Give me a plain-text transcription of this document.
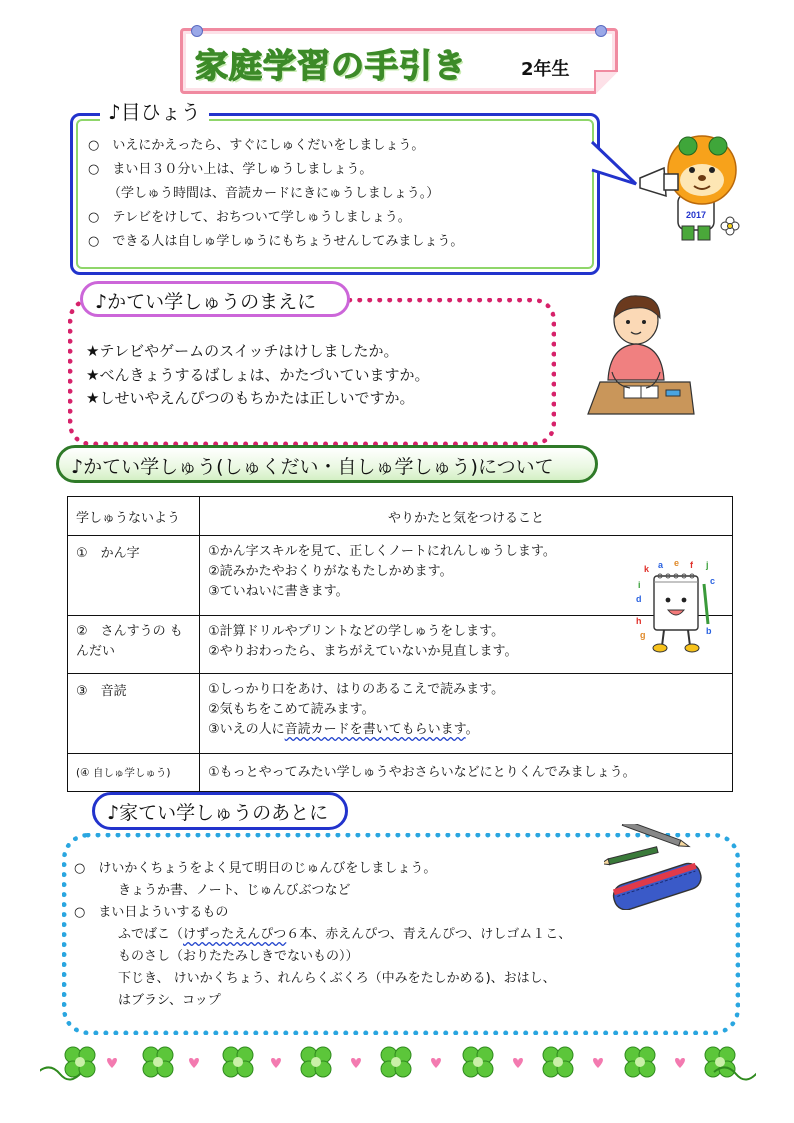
家庭学習の手引き	2年生
♪目ひょう
○　いえにかえったら、すぐにしゅくだいをしましょう。
○　まい日３０分い上は、学しゅうしましょう。
（学しゅう時間は、音読カードにきにゅうしましょう。）
○　テレビをけして、おちついて学しゅうしましょう。
○　できる人は自しゅ学しゅうにもちょうせんしてみましょう。
2017
♪かてい学しゅうのまえに
★テレビやゲームのスイッチはけしましたか。
★べんきょうするばしょは、かたづいていますか。
★しせいやえんぴつのもちかたは正しいですか。
♪かてい学しゅう(しゅくだい・自しゅ学しゅう)について
学しゅうないよう	やりかたと気をつけること
①　かん字	①かん字スキルを見て、正しくノートにれんしゅうします。
②読みかたやおくりがなもたしかめます。
③ていねいに書きます。

②　さんすうの もんだい	①計算ドリルやプリントなどの学しゅうをします。
②やりおわったら、まちがえていないか見直します。

③　音読	①しっかり口をあけ、はりのあるこえで読みます。
②気もちをこめて読みます。
③いえの人に音読カードを書いてもらいます。

(④ 自しゅ学しゅう)	①もっとやってみたい学しゅうやおさらいなどにとりくんでみましょう。
k a e f j
i	c
d
h
g	b
♪家てい学しゅうのあとに
○　けいかくちょうをよく見て明日のじゅんびをしましょう。
きょうか書、ノート、じゅんびぶつなど
○　まい日よういするもの
ふでばこ（けずったえんぴつ６本、赤えんぴつ、青えんぴつ、けしゴム１こ、
ものさし（おりたたみしきでないもの））
下じき、 けいかくちょう、れんらくぶくろ（中みをたしかめる)、おはし、
はブラシ、コップ
